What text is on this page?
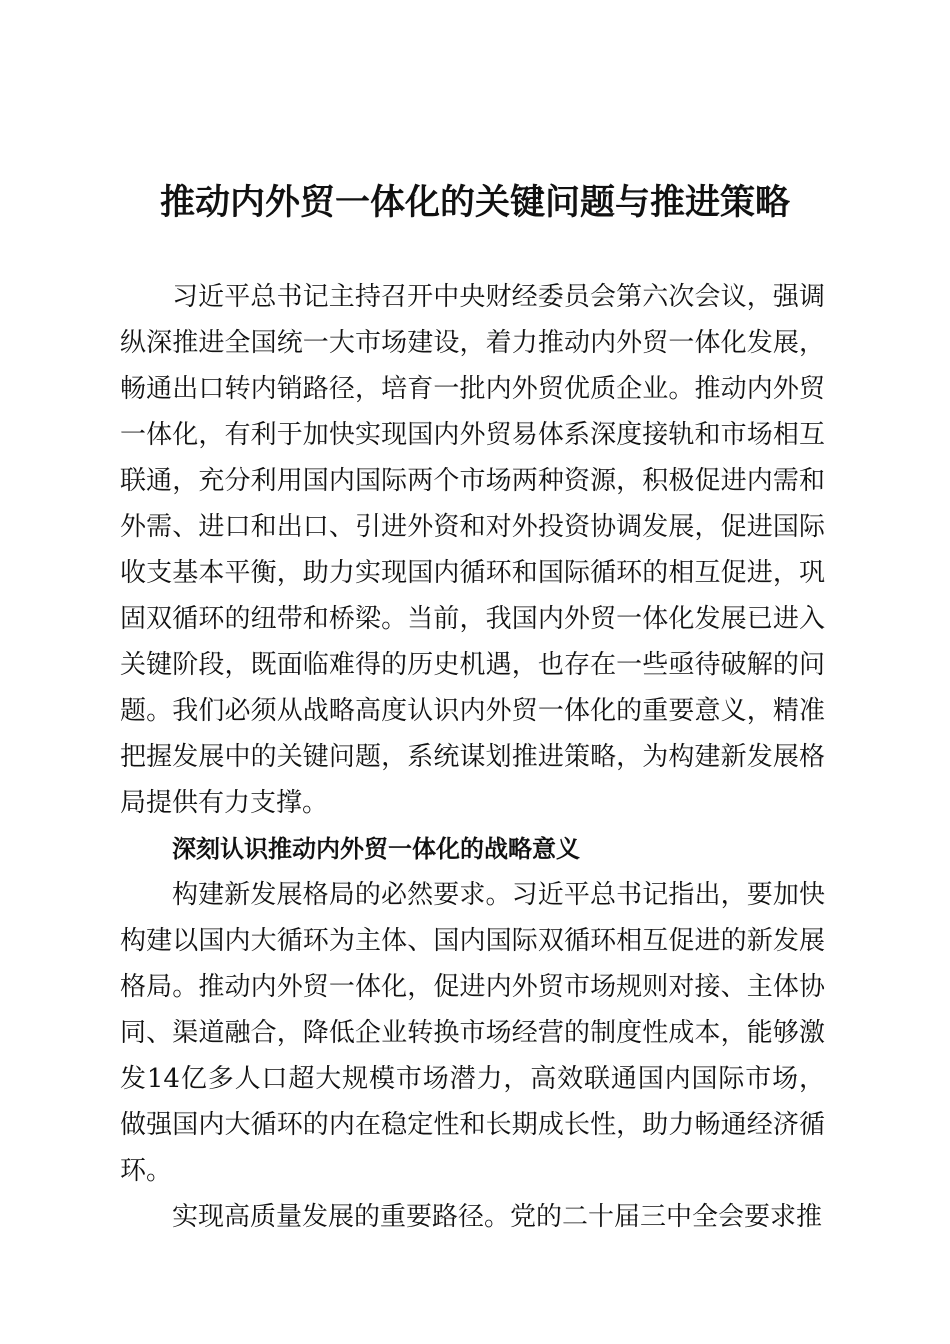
推动内外贸一体化的关键问题与推进策略

习近平总书记主持召开中央财经委员会第六次会议，强调纵深推进全国统一大市场建设，着力推动内外贸一体化发展，畅通出口转内销路径，培育一批内外贸优质企业。推动内外贸一体化，有利于加快实现国内外贸易体系深度接轨和市场相互联通，充分利用国内国际两个市场两种资源，积极促进内需和外需、进口和出口、引进外资和对外投资协调发展，促进国际收支基本平衡，助力实现国内循环和国际循环的相互促进，巩固双循环的纽带和桥梁。当前，我国内外贸一体化发展已进入关键阶段，既面临难得的历史机遇，也存在一些亟待破解的问题。我们必须从战略高度认识内外贸一体化的重要意义，精准把握发展中的关键问题，系统谋划推进策略，为构建新发展格局提供有力支撑。

深刻认识推动内外贸一体化的战略意义

构建新发展格局的必然要求。习近平总书记指出，要加快构建以国内大循环为主体、国内国际双循环相互促进的新发展格局。推动内外贸一体化，促进内外贸市场规则对接、主体协同、渠道融合，降低企业转换市场经营的制度性成本，能够激发14亿多人口超大规模市场潜力，高效联通国内国际市场，做强国内大循环的内在稳定性和长期成长性，助力畅通经济循环。

实现高质量发展的重要路径。党的二十届三中全会要求推
